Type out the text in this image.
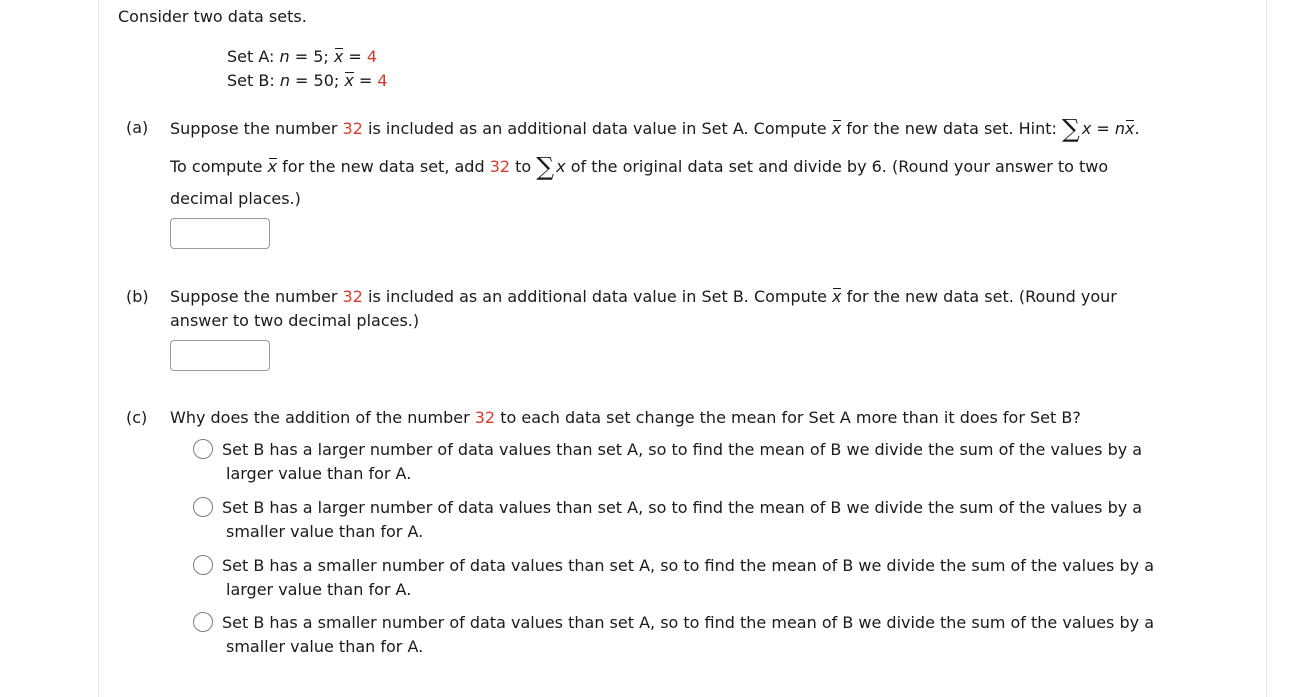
Consider two data sets.
Set A: n = 5; x = 4
Set B: n = 50; x = 4
(a) Suppose the number 32 is included as an additional data value in Set A. Compute x for the new data set. Hint: ∑ x = nx.
To compute x for the new data set, add 32 to ∑ x of the original data set and divide by 6. (Round your answer to two
decimal places.)
(b) Suppose the number 32 is included as an additional data value in Set B. Compute x for the new data set. (Round your
answer to two decimal places.)
(c) Why does the addition of the number 32 to each data set change the mean for Set A more than it does for Set B?
Set B has a larger number of data values than set A, so to find the mean of B we divide the sum of the values by a
larger value than for A.
Set B has a larger number of data values than set A, so to find the mean of B we divide the sum of the values by a
smaller value than for A.
Set B has a smaller number of data values than set A, so to find the mean of B we divide the sum of the values by a
larger value than for A.
Set B has a smaller number of data values than set A, so to find the mean of B we divide the sum of the values by a
smaller value than for A.
